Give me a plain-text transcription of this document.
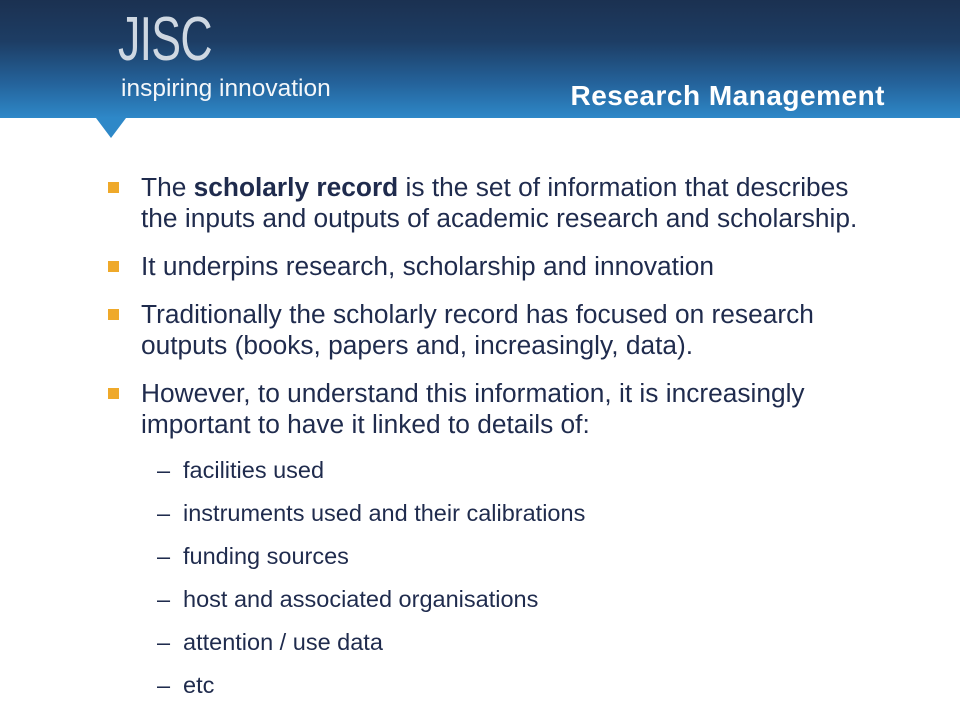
JISC
inspiring innovation	Research Management
The scholarly record is the set of information that describes the inputs and outputs of academic research and scholarship.
It underpins research, scholarship and innovation
Traditionally the scholarly record has focused on research outputs (books, papers and, increasingly, data).
However, to understand this information, it is increasingly important to have it linked to details of:
– facilities used
– instruments used and their calibrations
– funding sources
– host and associated organisations
– attention / use data
– etc
